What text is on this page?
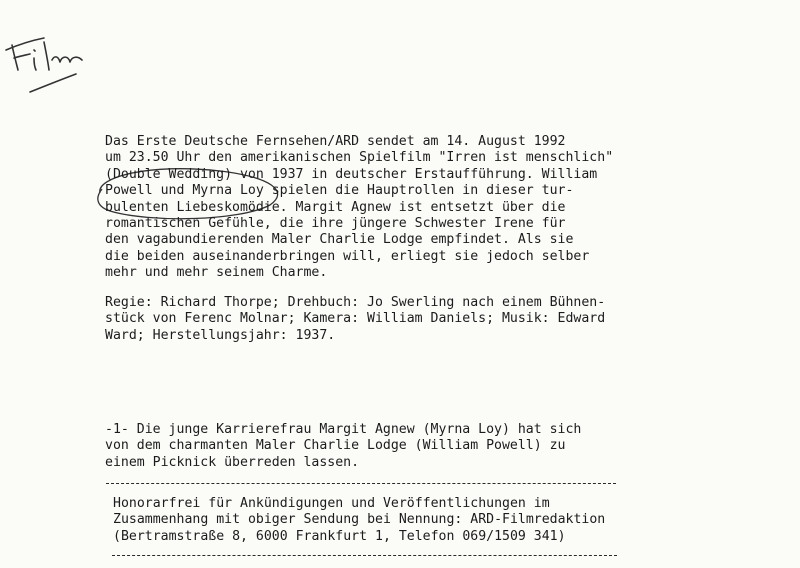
Das Erste Deutsche Fernsehen/ARD sendet am 14. August 1992
um 23.50 Uhr den amerikanischen Spielfilm "Irren ist menschlich"
(Double Wedding) von 1937 in deutscher Erstaufführung. William
Powell und Myrna Loy spielen die Hauptrollen in dieser tur-
bulenten Liebeskomödie. Margit Agnew ist entsetzt über die
romantischen Gefühle, die ihre jüngere Schwester Irene für
den vagabundierenden Maler Charlie Lodge empfindet. Als sie
die beiden auseinanderbringen will, erliegt sie jedoch selber
mehr und mehr seinem Charme.
Regie: Richard Thorpe; Drehbuch: Jo Swerling nach einem Bühnen-
stück von Ferenc Molnar; Kamera: William Daniels; Musik: Edward
Ward; Herstellungsjahr: 1937.
-1- Die junge Karrierefrau Margit Agnew (Myrna Loy) hat sich
von dem charmanten Maler Charlie Lodge (William Powell) zu
einem Picknick überreden lassen.
Honorarfrei für Ankündigungen und Veröffentlichungen im
Zusammenhang mit obiger Sendung bei Nennung: ARD-Filmredaktion
(Bertramstraße 8, 6000 Frankfurt 1, Telefon 069/1509 341)
